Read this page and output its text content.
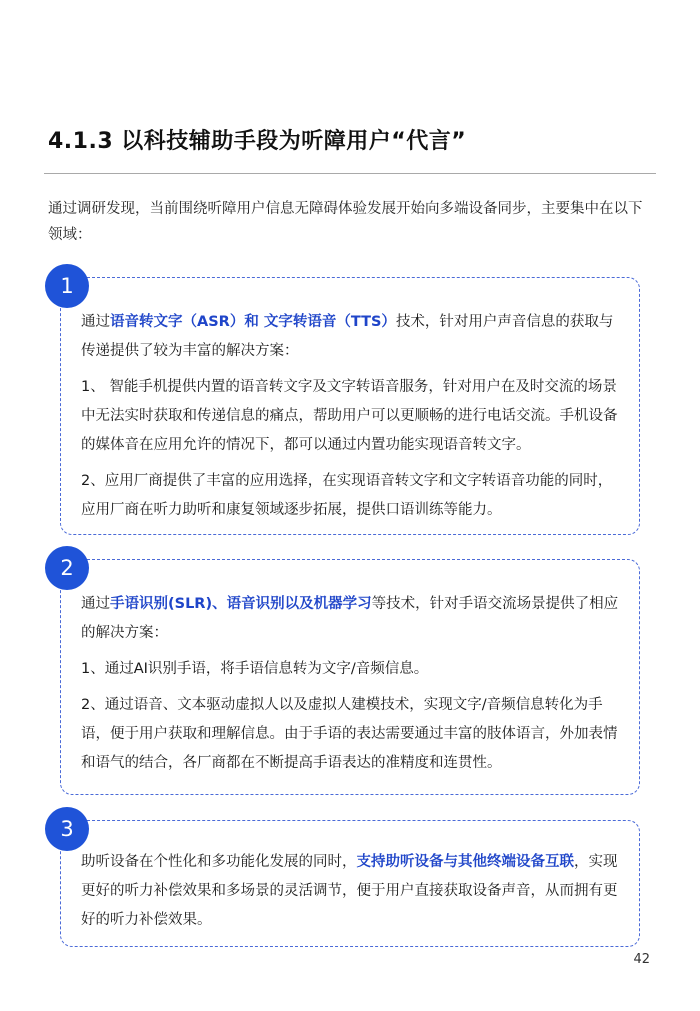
4.1.3 以科技辅助手段为听障用户“代言”

通过调研发现，当前围绕听障用户信息无障碍体验发展开始向多端设备同步，主要集中在以下领域：

1

通过语音转文字（ASR）和 文字转语音（TTS）技术，针对用户声音信息的获取与传递提供了较为丰富的解决方案：

1、 智能手机提供内置的语音转文字及文字转语音服务，针对用户在及时交流的场景中无法实时获取和传递信息的痛点，帮助用户可以更顺畅的进行电话交流。手机设备的媒体音在应用允许的情况下，都可以通过内置功能实现语音转文字。

2、应用厂商提供了丰富的应用选择，在实现语音转文字和文字转语音功能的同时，应用厂商在听力助听和康复领域逐步拓展，提供口语训练等能力。

2

通过手语识别(SLR)、语音识别以及机器学习等技术，针对手语交流场景提供了相应的解决方案：

1、通过AI识别手语，将手语信息转为文字/音频信息。

2、通过语音、文本驱动虚拟人以及虚拟人建模技术，实现文字/音频信息转化为手语，便于用户获取和理解信息。由于手语的表达需要通过丰富的肢体语言，外加表情和语气的结合，各厂商都在不断提高手语表达的准精度和连贯性。

3

助听设备在个性化和多功能化发展的同时，支持助听设备与其他终端设备互联，实现更好的听力补偿效果和多场景的灵活调节，便于用户直接获取设备声音，从而拥有更好的听力补偿效果。

42
